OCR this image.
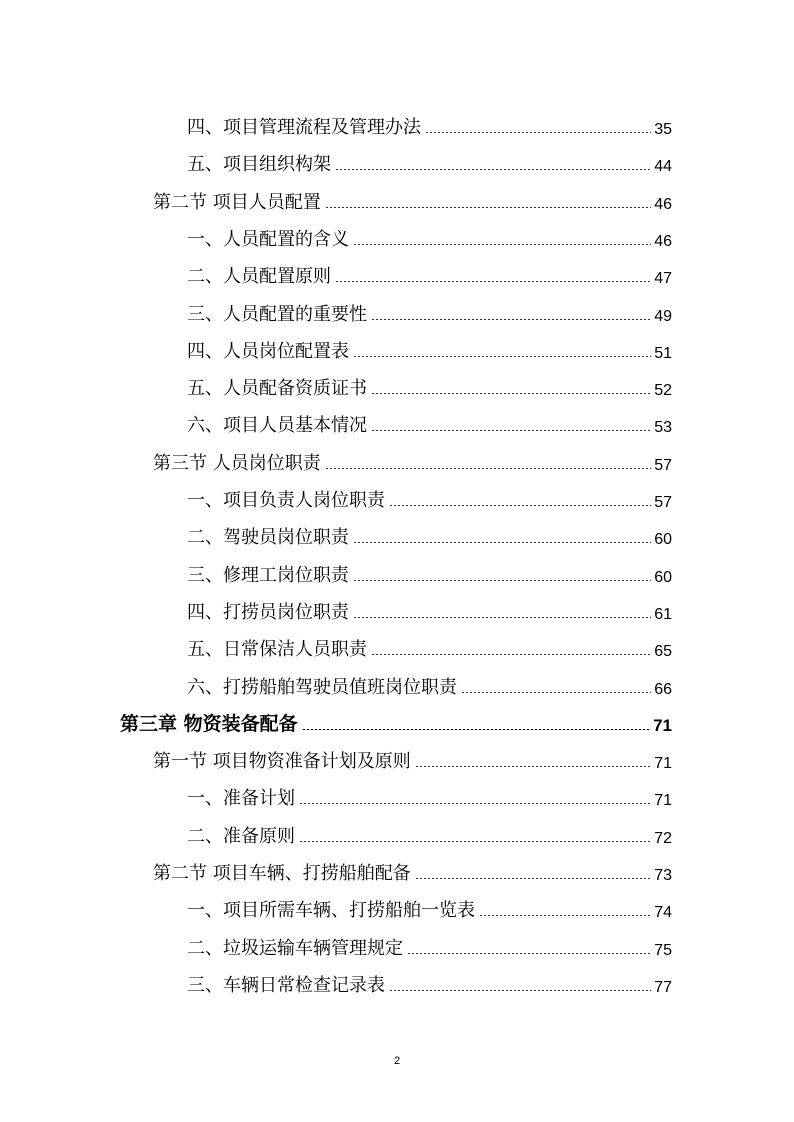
四、项目管理流程及管理办法	35
五、项目组织构架	44
第二节 项目人员配置	46
一、人员配置的含义	46
二、人员配置原则	47
三、人员配置的重要性	49
四、人员岗位配置表	51
五、人员配备资质证书	52
六、项目人员基本情况	53
第三节 人员岗位职责	57
一、项目负责人岗位职责	57
二、驾驶员岗位职责	60
三、修理工岗位职责	60
四、打捞员岗位职责	61
五、日常保洁人员职责	65
六、打捞船舶驾驶员值班岗位职责	66
第三章 物资装备配备	71
第一节 项目物资准备计划及原则	71
一、准备计划	71
二、准备原则	72
第二节 项目车辆、打捞船舶配备	73
一、项目所需车辆、打捞船舶一览表	74
二、垃圾运输车辆管理规定	75
三、车辆日常检查记录表	77
2
